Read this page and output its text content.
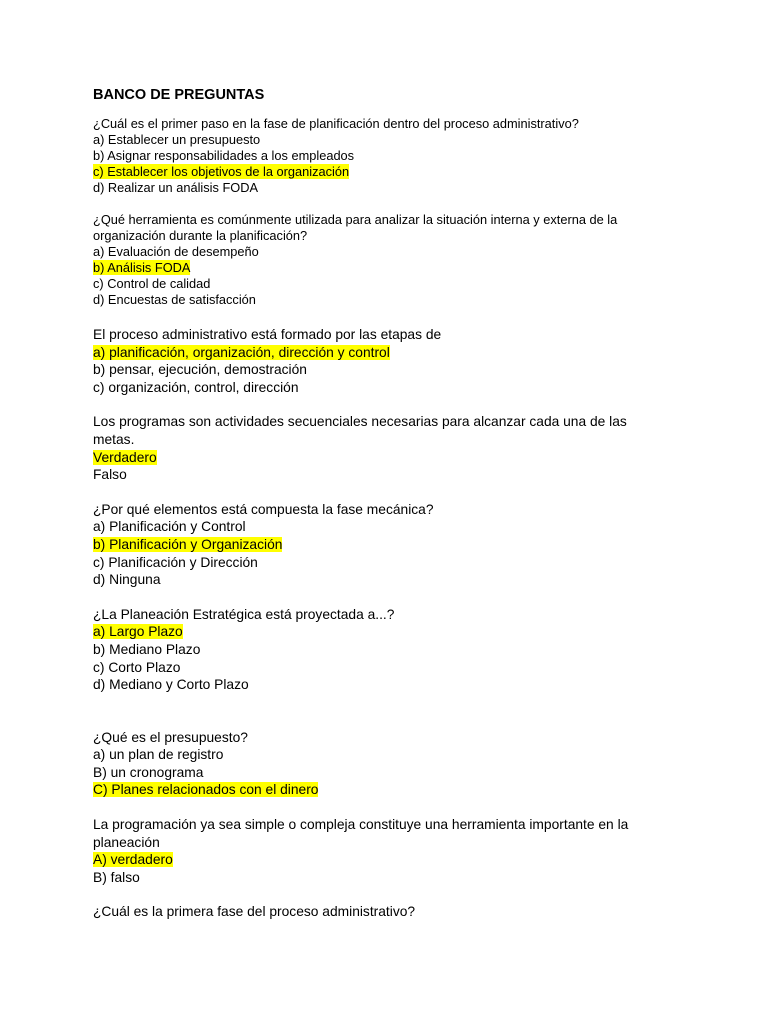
BANCO DE PREGUNTAS
¿Cuál es el primer paso en la fase de planificación dentro del proceso administrativo?
a) Establecer un presupuesto
b) Asignar responsabilidades a los empleados
c) Establecer los objetivos de la organización
d) Realizar un análisis FODA
¿Qué herramienta es comúnmente utilizada para analizar la situación interna y externa de la organización durante la planificación?
a) Evaluación de desempeño
b) Análisis FODA
c) Control de calidad
d) Encuestas de satisfacción
El proceso administrativo está formado por las etapas de
a) planificación, organización, dirección y control
b) pensar, ejecución, demostración
c) organización, control, dirección
Los programas son actividades secuenciales necesarias para alcanzar cada una de las metas.
Verdadero
Falso
¿Por qué elementos está compuesta la fase mecánica?
a) Planificación y Control
b) Planificación y Organización
c) Planificación y Dirección
d) Ninguna
¿La Planeación Estratégica está proyectada a...?
a) Largo Plazo
b) Mediano Plazo
c) Corto Plazo
d) Mediano y Corto Plazo
¿Qué es el presupuesto?
a) un plan de registro
B) un cronograma
C) Planes relacionados con el dinero
La programación ya sea simple o compleja constituye una herramienta importante en la planeación
A) verdadero
B) falso
¿Cuál es la primera fase del proceso administrativo?
